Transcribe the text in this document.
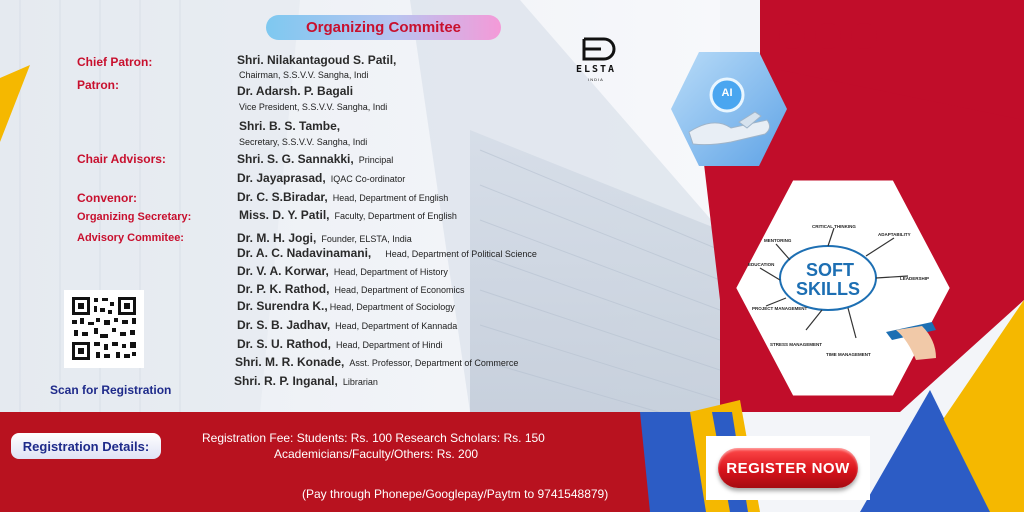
Organizing Commitee
Chief Patron:
Patron:
Chair Advisors:
Convenor:
Organizing Secretary:
Advisory Commitee:
Shri. Nilakantagoud S. Patil,
Chairman, S.S.V.V. Sangha, Indi
Dr. Adarsh. P. Bagali
Vice President, S.S.V.V. Sangha, Indi
Shri. B. S. Tambe,
Secretary, S.S.V.V. Sangha, Indi
Shri. S. G. Sannakki, Principal
Dr. Jayaprasad, IQAC Co-ordinator
Dr. C. S.Biradar, Head, Department of English
Miss. D. Y. Patil, Faculty, Department of English
Dr. M. H. Jogi, Founder, ELSTA, India
Dr. A. C. Nadavinamani, Head, Department of Political Science
Dr. V. A. Korwar, Head, Department of History
Dr. P. K. Rathod, Head, Department of Economics
Dr. Surendra K., Head, Department of Sociology
Dr. S. B. Jadhav, Head, Department of Kannada
Dr. S. U. Rathod, Head, Department of Hindi
Shri. M. R. Konade, Asst. Professor, Department of Commerce
Shri. R. P. Inganal, Librarian
ELSTA
INDIA
AI
SOFT
SKILLS
CRITICAL THINKING
ADAPTABILITY
MENTORING
LEADERSHIP
EDUCATION
PROJECT MANAGEMENT
STRESS MANAGEMENT
TIME MANAGEMENT
Scan for Registration
Registration Details:
Registration Fee: Students: Rs. 100 Research Scholars: Rs. 150
Academicians/Faculty/Others: Rs. 200
(Pay through Phonepe/Googlepay/Paytm to 9741548879)
REGISTER NOW
